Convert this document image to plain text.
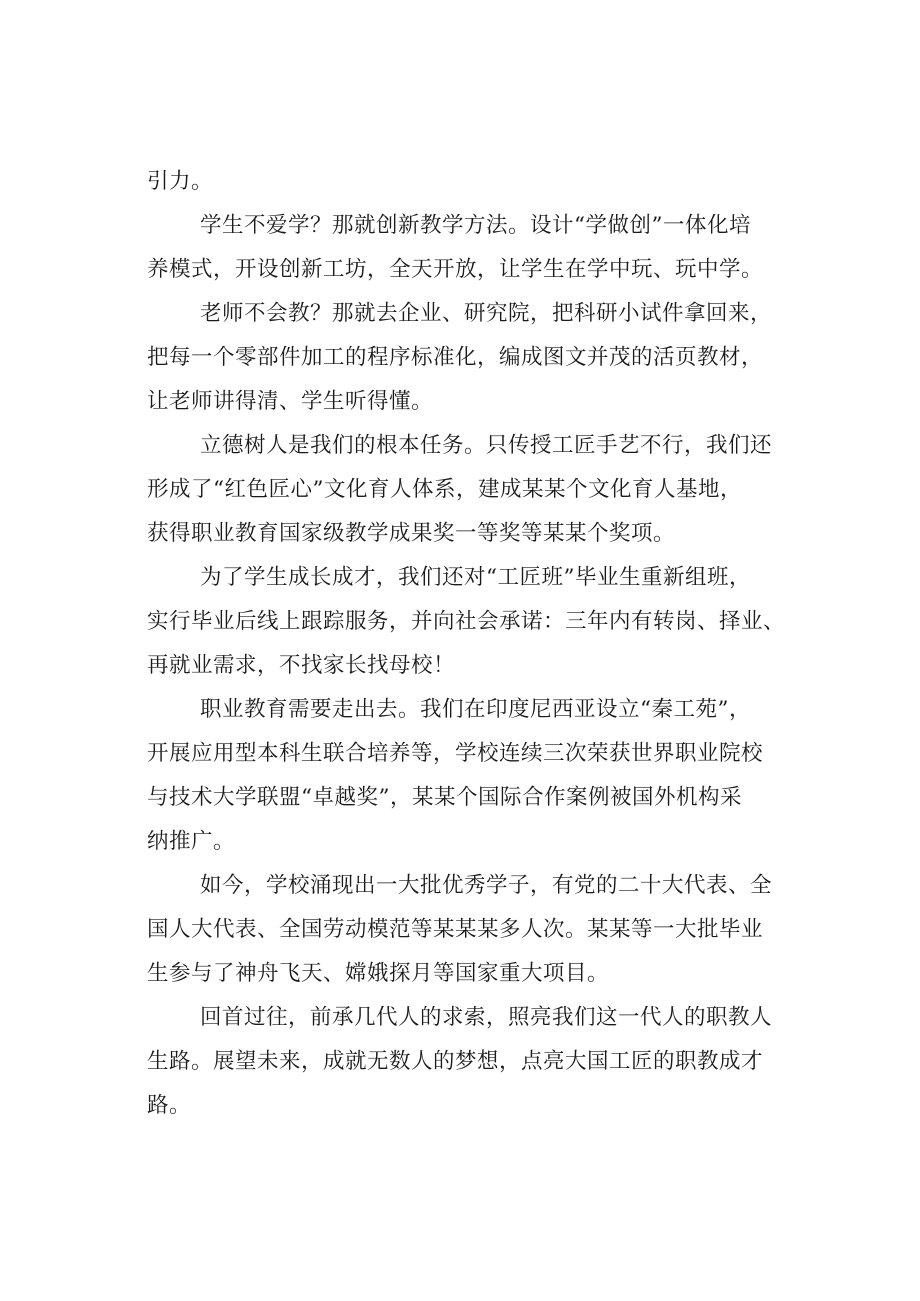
引力。
学生不爱学？那就创新教学方法。设计“学做创”一体化培
养模式，开设创新工坊，全天开放，让学生在学中玩、玩中学。
老师不会教？那就去企业、研究院，把科研小试件拿回来，
把每一个零部件加工的程序标准化，编成图文并茂的活页教材，
让老师讲得清、学生听得懂。
立德树人是我们的根本任务。只传授工匠手艺不行，我们还
形成了“红色匠心”文化育人体系，建成某某个文化育人基地，
获得职业教育国家级教学成果奖一等奖等某某个奖项。
为了学生成长成才，我们还对“工匠班”毕业生重新组班，
实行毕业后线上跟踪服务，并向社会承诺：三年内有转岗、择业、
再就业需求，不找家长找母校！
职业教育需要走出去。我们在印度尼西亚设立“秦工苑”，
开展应用型本科生联合培养等，学校连续三次荣获世界职业院校
与技术大学联盟“卓越奖”，某某个国际合作案例被国外机构采
纳推广。
如今，学校涌现出一大批优秀学子，有党的二十大代表、全
国人大代表、全国劳动模范等某某某多人次。某某等一大批毕业
生参与了神舟飞天、嫦娥探月等国家重大项目。
回首过往，前承几代人的求索，照亮我们这一代人的职教人
生路。展望未来，成就无数人的梦想，点亮大国工匠的职教成才
路。
